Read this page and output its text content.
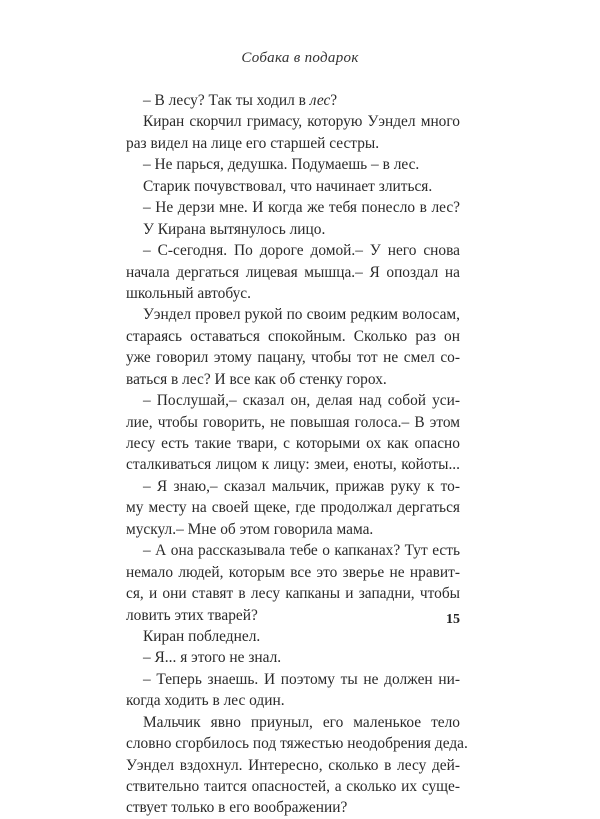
Собака в подарок
– В лесу? Так ты ходил в лес?
Киран скорчил гримасу, которую Уэндел много
раз видел на лице его старшей сестры.
– Не парься, дедушка. Подумаешь – в лес.
Старик почувствовал, что начинает злиться.
– Не дерзи мне. И когда же тебя понесло в лес?
У Кирана вытянулось лицо.
– С-сегодня. По дороге домой.– У него снова
начала дергаться лицевая мышца.– Я опоздал на
школьный автобус.
Уэндел провел рукой по своим редким волосам,
стараясь оставаться спокойным. Сколько раз он
уже говорил этому пацану, чтобы тот не смел со-
ваться в лес? И все как об стенку горох.
– Послушай,– сказал он, делая над собой уси-
лие, чтобы говорить, не повышая голоса.– В этом
лесу есть такие твари, с которыми ох как опасно
сталкиваться лицом к лицу: змеи, еноты, койоты...
– Я знаю,– сказал мальчик, прижав руку к то-
му месту на своей щеке, где продолжал дергаться
мускул.– Мне об этом говорила мама.
– А она рассказывала тебе о капканах? Тут есть
немало людей, которым все это зверье не нравит-
ся, и они ставят в лесу капканы и западни, чтобы
ловить этих тварей?
Киран побледнел.
– Я... я этого не знал.
– Теперь знаешь. И поэтому ты не должен ни-
когда ходить в лес один.
Мальчик явно приуныл, его маленькое тело
словно сгорбилось под тяжестью неодобрения деда.
Уэндел вздохнул. Интересно, сколько в лесу дей-
ствительно таится опасностей, а сколько их суще-
ствует только в его воображении?
15
